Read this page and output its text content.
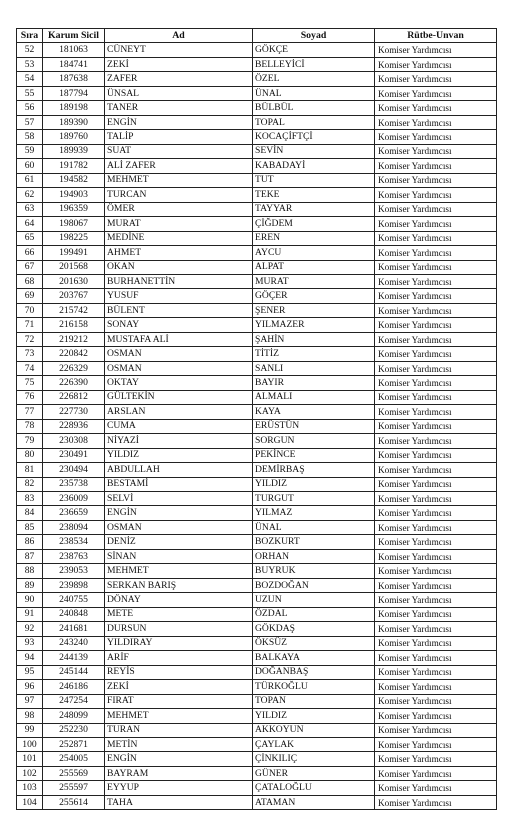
Sıra	Karum Sicil	Ad	Soyad	Rütbe-Unvan
52	181063	CÜNEYT	GÖKÇE	Komiser Yardımcısı
53	184741	ZEKİ	BELLEYİCİ	Komiser Yardımcısı
54	187638	ZAFER	ÖZEL	Komiser Yardımcısı
55	187794	ÜNSAL	ÜNAL	Komiser Yardımcısı
56	189198	TANER	BÜLBÜL	Komiser Yardımcısı
57	189390	ENGİN	TOPAL	Komiser Yardımcısı
58	189760	TALİP	KOCAÇİFTÇİ	Komiser Yardımcısı
59	189939	SUAT	SEVİN	Komiser Yardımcısı
60	191782	ALİ ZAFER	KABADAYİ	Komiser Yardımcısı
61	194582	MEHMET	TUT	Komiser Yardımcısı
62	194903	TURCAN	TEKE	Komiser Yardımcısı
63	196359	ÖMER	TAYYAR	Komiser Yardımcısı
64	198067	MURAT	ÇİĞDEM	Komiser Yardımcısı
65	198225	MEDİNE	EREN	Komiser Yardımcısı
66	199491	AHMET	AYCU	Komiser Yardımcısı
67	201568	OKAN	ALPAT	Komiser Yardımcısı
68	201630	BURHANETTİN	MURAT	Komiser Yardımcısı
69	203767	YUSUF	GÖÇER	Komiser Yardımcısı
70	215742	BÜLENT	ŞENER	Komiser Yardımcısı
71	216158	SONAY	YILMAZER	Komiser Yardımcısı
72	219212	MUSTAFA ALİ	ŞAHİN	Komiser Yardımcısı
73	220842	OSMAN	TİTİZ	Komiser Yardımcısı
74	226329	OSMAN	SANLI	Komiser Yardımcısı
75	226390	OKTAY	BAYIR	Komiser Yardımcısı
76	226812	GÜLTEKİN	ALMALI	Komiser Yardımcısı
77	227730	ARSLAN	KAYA	Komiser Yardımcısı
78	228936	CUMA	ERÜSTÜN	Komiser Yardımcısı
79	230308	NİYAZİ	SORGUN	Komiser Yardımcısı
80	230491	YILDIZ	PEKİNCE	Komiser Yardımcısı
81	230494	ABDULLAH	DEMİRBAŞ	Komiser Yardımcısı
82	235738	BESTAMİ	YILDIZ	Komiser Yardımcısı
83	236009	SELVİ	TURGUT	Komiser Yardımcısı
84	236659	ENGİN	YILMAZ	Komiser Yardımcısı
85	238094	OSMAN	ÜNAL	Komiser Yardımcısı
86	238534	DENİZ	BOZKURT	Komiser Yardımcısı
87	238763	SİNAN	ORHAN	Komiser Yardımcısı
88	239053	MEHMET	BUYRUK	Komiser Yardımcısı
89	239898	SERKAN BARIŞ	BOZDOĞAN	Komiser Yardımcısı
90	240755	DÖNAY	UZUN	Komiser Yardımcısı
91	240848	METE	ÖZDAL	Komiser Yardımcısı
92	241681	DURSUN	GÖKDAŞ	Komiser Yardımcısı
93	243240	YILDIRAY	ÖKSÜZ	Komiser Yardımcısı
94	244139	ARİF	BALKAYA	Komiser Yardımcısı
95	245144	REYİS	DOĞANBAŞ	Komiser Yardımcısı
96	246186	ZEKİ	TÜRKOĞLU	Komiser Yardımcısı
97	247254	FIRAT	TOPAN	Komiser Yardımcısı
98	248099	MEHMET	YILDIZ	Komiser Yardımcısı
99	252230	TURAN	AKKOYUN	Komiser Yardımcısı
100	252871	METİN	ÇAYLAK	Komiser Yardımcısı
101	254005	ENGİN	ÇİNKILIÇ	Komiser Yardımcısı
102	255569	BAYRAM	GÜNER	Komiser Yardımcısı
103	255597	EYYUP	ÇATALOĞLU	Komiser Yardımcısı
104	255614	TAHA	ATAMAN	Komiser Yardımcısı
